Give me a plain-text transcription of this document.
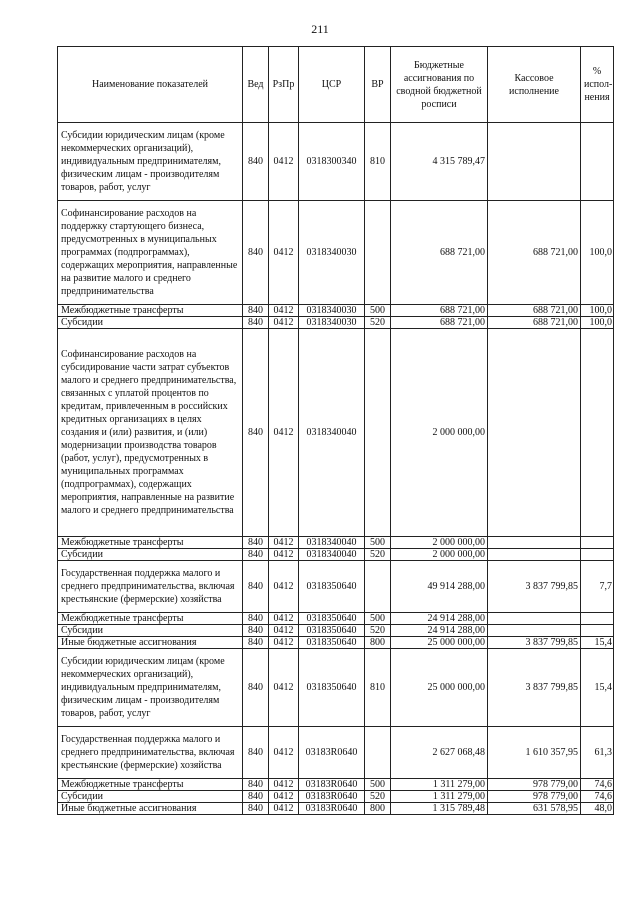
211
Наименование показателей	Вед	РзПр	ЦСР	ВР	Бюджетные ассигнования по сводной бюджетной росписи	Кассовое исполнение	% испол-нения
Субсидии юридическим лицам (кроме некоммерческих организаций), индивидуальным предпринимателям, физическим лицам - производителям товаров, работ, услуг	840	0412	0318300340	810	4 315 789,47		
Софинансирование расходов на поддержку стартующего бизнеса, предусмотренных в муниципальных программах (подпрограммах), содержащих мероприятия, направленные на развитие малого и среднего предпринимательства	840	0412	0318340030		688 721,00	688 721,00	100,0
Межбюджетные трансферты	840	0412	0318340030	500	688 721,00	688 721,00	100,0
Субсидии	840	0412	0318340030	520	688 721,00	688 721,00	100,0
Софинансирование расходов на субсидирование части затрат субъектов малого и среднего предпринимательства, связанных с уплатой процентов по кредитам, привлеченным в российских кредитных организациях в целях создания и (или) развития, и (или) модернизации производства товаров (работ, услуг), предусмотренных в муниципальных программах (подпрограммах), содержащих мероприятия, направленные на развитие малого и среднего предпринимательства	840	0412	0318340040		2 000 000,00		
Межбюджетные трансферты	840	0412	0318340040	500	2 000 000,00		
Субсидии	840	0412	0318340040	520	2 000 000,00		
Государственная поддержка малого и среднего предпринимательства, включая крестьянские (фермерские) хозяйства	840	0412	0318350640		49 914 288,00	3 837 799,85	7,7
Межбюджетные трансферты	840	0412	0318350640	500	24 914 288,00		
Субсидии	840	0412	0318350640	520	24 914 288,00		
Иные бюджетные ассигнования	840	0412	0318350640	800	25 000 000,00	3 837 799,85	15,4
Субсидии юридическим лицам (кроме некоммерческих организаций), индивидуальным предпринимателям, физическим лицам - производителям товаров, работ, услуг	840	0412	0318350640	810	25 000 000,00	3 837 799,85	15,4
Государственная поддержка малого и среднего предпринимательства, включая крестьянские (фермерские) хозяйства	840	0412	03183R0640		2 627 068,48	1 610 357,95	61,3
Межбюджетные трансферты	840	0412	03183R0640	500	1 311 279,00	978 779,00	74,6
Субсидии	840	0412	03183R0640	520	1 311 279,00	978 779,00	74,6
Иные бюджетные ассигнования	840	0412	03183R0640	800	1 315 789,48	631 578,95	48,0
